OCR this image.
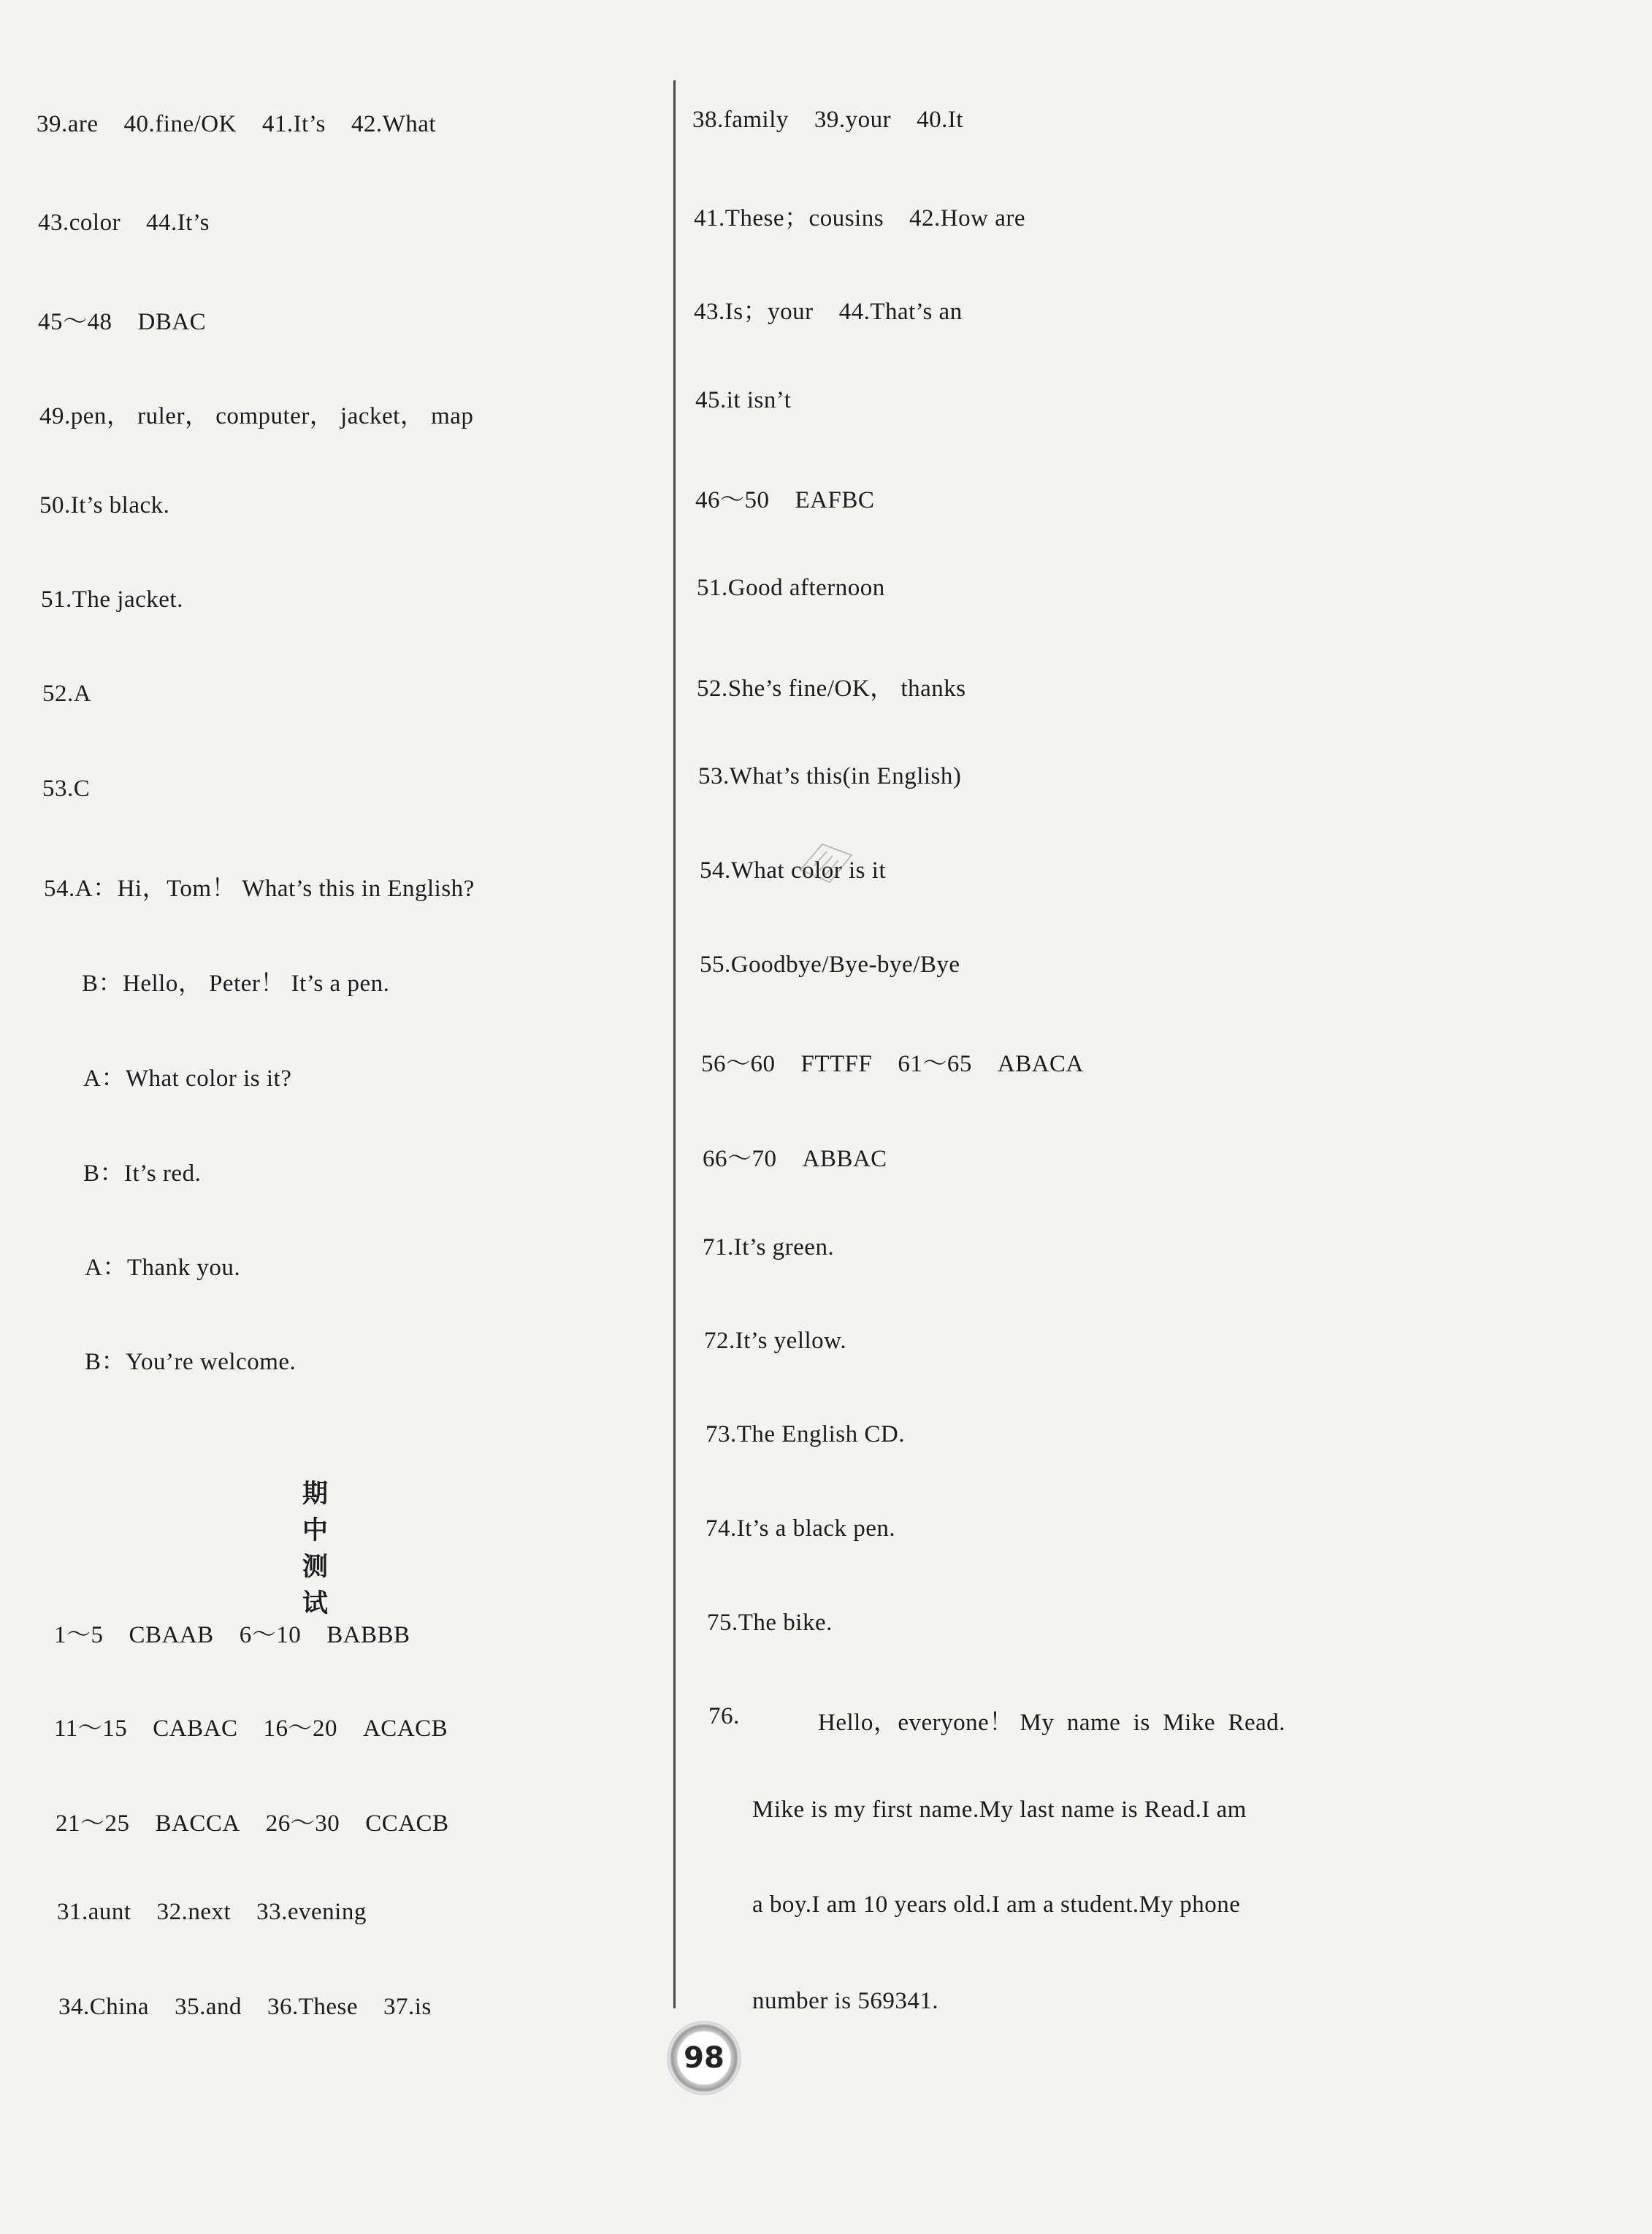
39.are    40.fine/OK    41.It’s    42.What
43.color    44.It’s
45～48    DBAC
49.pen， ruler， computer， jacket， map
50.It’s black.
51.The jacket.
52.A
53.C
54.A：Hi，Tom！ What’s this in English?
B：Hello， Peter！ It’s a pen.
A：What color is it?
B：It’s red.
A：Thank you.
B：You’re welcome.
期中测试
1～5    CBAAB    6～10    BABBB
11～15    CABAC    16～20    ACACB
21～25    BACCA    26～30    CCACB
31.aunt    32.next    33.evening
34.China    35.and    36.These    37.is
38.family    39.your    40.It
41.These；cousins    42.How are
43.Is；your    44.That’s an
45.it isn’t
46～50    EAFBC
51.Good afternoon
52.She’s fine/OK， thanks
53.What’s this(in English)
54.What color is it
55.Goodbye/Bye-bye/Bye
56～60    FTTFF    61～65    ABACA
66～70    ABBAC
71.It’s green.
72.It’s yellow.
73.The English CD.
74.It’s a black pen.
75.The bike.
76.	Hello，everyone！ My  name  is  Mike  Read.
Mike is my first name.My last name is Read.I am
a boy.I am 10 years old.I am a student.My phone
number is 569341.
98
